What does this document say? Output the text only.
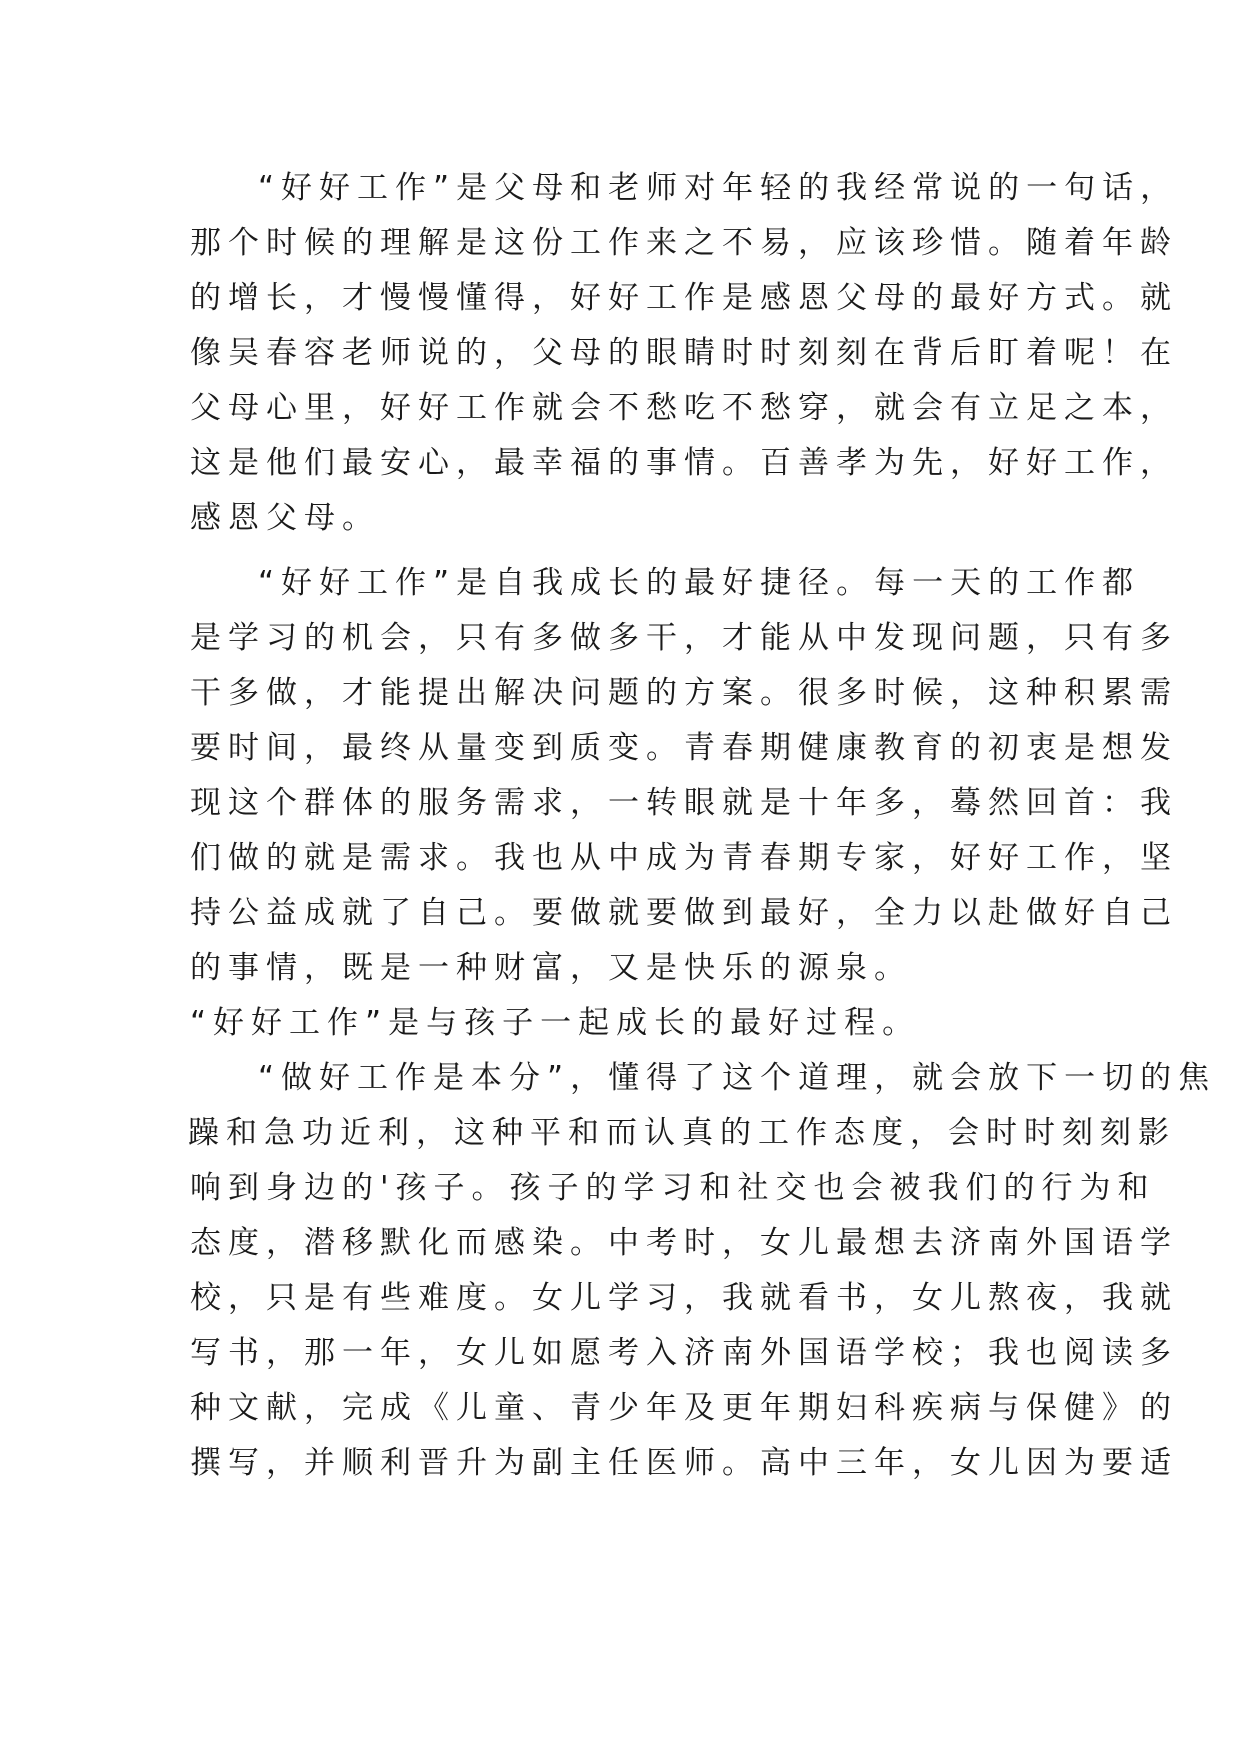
“好好工作”是父母和老师对年轻的我经常说的一句话，
那个时候的理解是这份工作来之不易，应该珍惜。随着年龄
的增长，才慢慢懂得，好好工作是感恩父母的最好方式。就
像吴春容老师说的，父母的眼睛时时刻刻在背后盯着呢！在
父母心里，好好工作就会不愁吃不愁穿，就会有立足之本，
这是他们最安心，最幸福的事情。百善孝为先，好好工作，
感恩父母。
“好好工作”是自我成长的最好捷径。每一天的工作都
是学习的机会，只有多做多干，才能从中发现问题，只有多
干多做，才能提出解决问题的方案。很多时候，这种积累需
要时间，最终从量变到质变。青春期健康教育的初衷是想发
现这个群体的服务需求，一转眼就是十年多，蓦然回首：我
们做的就是需求。我也从中成为青春期专家，好好工作，坚
持公益成就了自己。要做就要做到最好，全力以赴做好自己
的事情，既是一种财富，又是快乐的源泉。
“好好工作”是与孩子一起成长的最好过程。
“做好工作是本分”，懂得了这个道理，就会放下一切的焦
躁和急功近利，这种平和而认真的工作态度，会时时刻刻影
响到身边的'孩子。孩子的学习和社交也会被我们的行为和
态度，潜移默化而感染。中考时，女儿最想去济南外国语学
校，只是有些难度。女儿学习，我就看书，女儿熬夜，我就
写书，那一年，女儿如愿考入济南外国语学校；我也阅读多
种文献，完成《儿童、青少年及更年期妇科疾病与保健》的
撰写，并顺利晋升为副主任医师。高中三年，女儿因为要适
